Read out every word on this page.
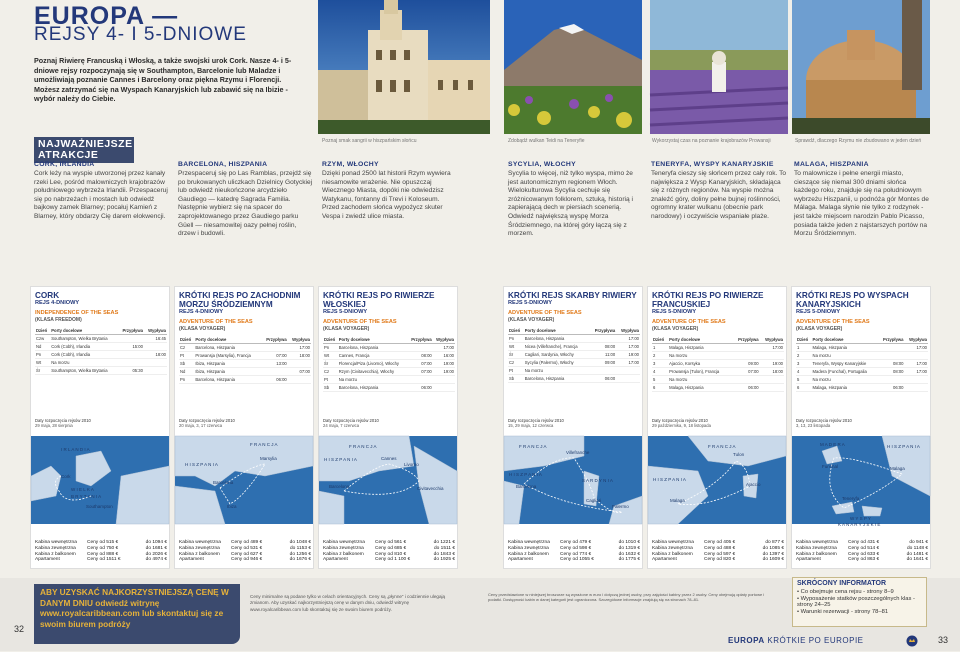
EUROPA —
REJSY 4- I 5-DNIOWE
Poznaj Riwierę Francuską i Włoską, a także swojski urok Cork. Nasze 4- i 5-dniowe rejsy rozpoczynają się w Southampton, Barcelonie lub Maladze i umożliwiają poznanie Cannes i Barcelony oraz piękna Rzymu i Florencji. Możesz zatrzymać się na Wyspach Kanaryjskich lub zabawić się na Ibizie - wybór należy do Ciebie.
Poznaj smak sangrii w hiszpańskim słońcu	Zdobądź wulkan Teidi na Teneryfie	Wykorzystaj czas na poznanie krajobrazów Prowansji	Sprawdź, dlaczego Rzymu nie zbudowano w jeden dzień
NAJWAŻNIEJSZE ATRAKCJE
CORK, IRLANDIA

Cork leży na wyspie utworzonej przez kanały rzeki Lee, pośród malowniczych krajobrazów południowego wybrzeża Irlandii. Przespaceruj się po nabrzeżach i mostach lub odwiedź bajkowy zamek Blarney; pocałuj Kamień z Blarney, który obdarzy Cię darem elokwencji.

BARCELONA, HISZPANIA

Przespaceruj się po Las Ramblas, przejdź się po brukowanych uliczkach Dzielnicy Gotyckiej lub odwiedź nieukończone arcydzieło Gaudiego — katedrę Sagrada Familia. Następnie wybierz się na spacer do zaprojektowanego przez Gaudiego parku Güell — niesamowitej oazy pełnej roślin, drzew i budowli.

RZYM, WŁOCHY

Dzięki ponad 2500 lat historii Rzym wywiera niesamowite wrażenie. Nie opuszczaj Wiecznego Miasta, dopóki nie odwiedzisz Watykanu, fontanny di Trevi i Koloseum. Przed zachodem słońca wypożycz skuter Vespa i zwiedź ulice miasta.

SYCYLIA, WŁOCHY

Sycylia to więcej, niż tylko wyspa, mimo że jest autonomicznym regionem Włoch. Wielokulturowa Sycylia cechuje się zróżnicowanym folklorem, sztuką, historią i zapierającą dech w piersiach scenerią. Odwiedź największą wyspę Morza Śródziemnego, na której góry łączą się z morzem.

TENERYFA, WYSPY KANARYJSKIE

Teneryfa cieszy się słońcem przez cały rok. To największa z Wysp Kanaryjskich, składająca się z różnych regionów. Na wyspie można znaleźć góry, doliny pełne bujnej roślinności, ogromny krater wulkanu (obecnie park narodowy) i oczywiście wspaniałe plaże.

MALAGA, HISZPANIA

To malownicze i pełne energii miasto, cieszące się niemal 300 dniami słońca każdego roku, znajduje się na południowym wybrzeżu Hiszpanii, u podnóża gór Montes de Málaga. Malaga słynie nie tylko z rodzynek - jest także miejscem narodzin Pablo Picasso, posiada także jeden z najstarszych portów na Morzu Śródziemnym.

CORK
REJS 4-DNIOWY
INDEPENDENCE OF THE SEAS
(KLASA FREEDOM)
Dzień	Porty docelowe	Przypływa	Wypływa
Czw	Southampton, Wielka Brytania		16:45
Nd	Cork (Cobh), Irlandia	15:00	
Pn	Cork (Cobh), Irlandia		18:00
Wt	Na morzu		
Śr	Southampton, Wielka Brytania	05:30	
Daty rozpoczęcia rejsów 2010
29 maja, 28 sierpnia
I R L A N D I A
Cork
W I E L K A
B R Y T A N I A
Southampton
Kabina wewnętrzna	Ceny od 515 €	do 1094 €
Kabina zewnętrzna	Ceny od 750 €	do 1681 €
Kabina z balkonem	Ceny od 888 €	do 2026 €
Apartament	Ceny od 1511 €	do 4974 €
KRÓTKI REJS PO ZACHODNIM MORZU ŚRÓDZIEMNYM
REJS 4-DNIOWY
ADVENTURE OF THE SEAS
(KLASA VOYAGER)
Dzień	Porty docelowe	Przypływa	Wypływa
Cz	Barcelona, Hiszpania		17:00
Pt	Prowansja (Marsylia), Francja	07:00	18:00
Sb	Ibiza, Hiszpania	13:00	
Nd	Ibiza, Hiszpania		07:00
Pn	Barcelona, Hiszpania	06:00	
Daty rozpoczęcia rejsów 2010
20 maja, 3, 17 czerwca
F R A N C J A
Marsylia
H I S Z P A N I A
Barcelona
Ibiza
Kabina wewnętrzna	Ceny od 489 €	do 1048 €
Kabina zewnętrzna	Ceny od 531 €	do 1153 €
Kabina z balkonem	Ceny od 627 €	do 1256 €
Apartament	Ceny od 946 €	do 1676 €
KRÓTKI REJS PO RIWIERZE WŁOSKIEJ
REJS 5-DNIOWY
ADVENTURE OF THE SEAS
(KLASA VOYAGER)
Dzień	Porty docelowe	Przypływa	Wypływa
Pn	Barcelona, Hiszpania		17:00
Wt	Cannes, Francja	08:00	16:00
Śr	Florencja/Piza (Livorno), Włochy	07:00	19:00
Cz	Rzym (Civitavecchia), Włochy	07:00	19:00
Pt	Na morzu		
Sb	Barcelona, Hiszpania	06:00	
Daty rozpoczęcia rejsów 2010
24 maja, 7 czerwca
F R A N C J A
Cannes
H I S Z P A N I A
Barcelona
Livorno
Civitavecchia
Kabina wewnętrzna	Ceny od 561 €	do 1221 €
Kabina zewnętrzna	Ceny od 685 €	do 1511 €
Kabina z balkonem	Ceny od 810 €	do 1843 €
Apartament	Ceny od 1 100 €	do 1925 €
KRÓTKI REJS SKARBY RIWIERY
REJS 5-DNIOWY
ADVENTURE OF THE SEAS
(KLASA VOYAGER)
Dzień	Porty docelowe	Przypływa	Wypływa
Pn	Barcelona, Hiszpania		17:00
Wt	Nicea (Villefranche), Francja	08:00	17:00
Śr	Cagliari, Sardynia, Włochy	11:00	19:00
Cz	Sycylia (Palermo), Włochy	09:00	17:00
Pt	Na morzu		
Sb	Barcelona, Hiszpania	06:00	
Daty rozpoczęcia rejsów 2010
15, 29 maja, 12 czerwca
F R A N C J A
Villefranche
H I S Z P A N I A
Barcelona
S A R D Y N I A
Cagliari
Palermo
Kabina wewnętrzna	Ceny od 479 €	do 1010 €
Kabina zewnętrzna	Ceny od 598 €	do 1319 €
Kabina z balkonem	Ceny od 774 €	do 1632 €
Apartament	Ceny od 1055 €	do 1775 €
KRÓTKI REJS PO RIWIERZE FRANCUSKIEJ
REJS 5-DNIOWY
ADVENTURE OF THE SEAS
(KLASA VOYAGER)
Dzień	Porty docelowe	Przypływa	Wypływa
1	Malaga, Hiszpania		17:00
2	Na morzu		
3	Ajaccio, Korsyka	09:00	19:00
4	Prowansja (Tulon), Francja	07:00	18:00
5	Na morzu		
6	Malaga, Hiszpania	06:00	
Daty rozpoczęcia rejsów 2010
29 października, 9, 18 listopada
F R A N C J A
Tulon
H I S Z P A N I A
Ajaccio
Malaga
Kabina wewnętrzna	Ceny od 405 €	do 877 €
Kabina zewnętrzna	Ceny od 488 €	do 1085 €
Kabina z balkonem	Ceny od 597 €	do 1397 €
Apartament	Ceny od 820 €	do 1609 €
KRÓTKI REJS PO WYSPACH KANARYJSKICH
REJS 5-DNIOWY
ADVENTURE OF THE SEAS
(KLASA VOYAGER)
Dzień	Porty docelowe	Przypływa	Wypływa
1	Malaga, Hiszpania		17:00
2	Na morzu		
3	Teneryfa, Wyspy Kanaryjskie	08:00	17:00
4	Madera (Funchal), Portugalia	08:00	17:00
5	Na morzu		
6	Malaga, Hiszpania	06:00	
Daty rozpoczęcia rejsów 2010
3, 13, 23 listopada
M A D E R A
Funchal
H I S Z P A N I A
Malaga
Teneryfa
W Y S P Y
K A N A R Y J S K I E
Kabina wewnętrzna	Ceny od 431 €	do 941 €
Kabina zewnętrzna	Ceny od 514 €	do 1148 €
Kabina z balkonem	Ceny od 633 €	do 1481 €
Apartament	Ceny od 863 €	do 1641 €

ABY UZYSKAĆ NAJKORZYSTNIEJSZĄ CENĘ W DANYM DNIU odwiedź witrynę www.royalcaribbean.com lub skontaktuj się ze swoim biurem podróży

Ceny minimalne są podane tylko w celach orientacyjnych. Ceny są „płynne” i codziennie ulegają zmianom. Aby uzyskać najkorzystniejszą cenę w danym dniu, odwiedź witrynę www.royalcaribbean.com lub skontaktuj się ze swoim biurem podróży.
Ceny przedstawione w niniejszej broszurze są wyrażone w euro i dotyczą jednej osoby, przy zajętości kabiny przez 2 osoby. Ceny obejmują opłaty portowe i podatki. Dostępność kabin w danej kategorii jest ograniczona. Szczegółowe informacje znajdują się na stronach 78–81.
SKRÓCONY INFORMATOR

• Co obejmuje cena rejsu - strony 8–9

• Wyposażenie statków poszczególnych klas - strony 24–25

• Warunki rezerwacji - strony 78–81

32
33
EUROPA KRÓTKIE PO EUROPIE
